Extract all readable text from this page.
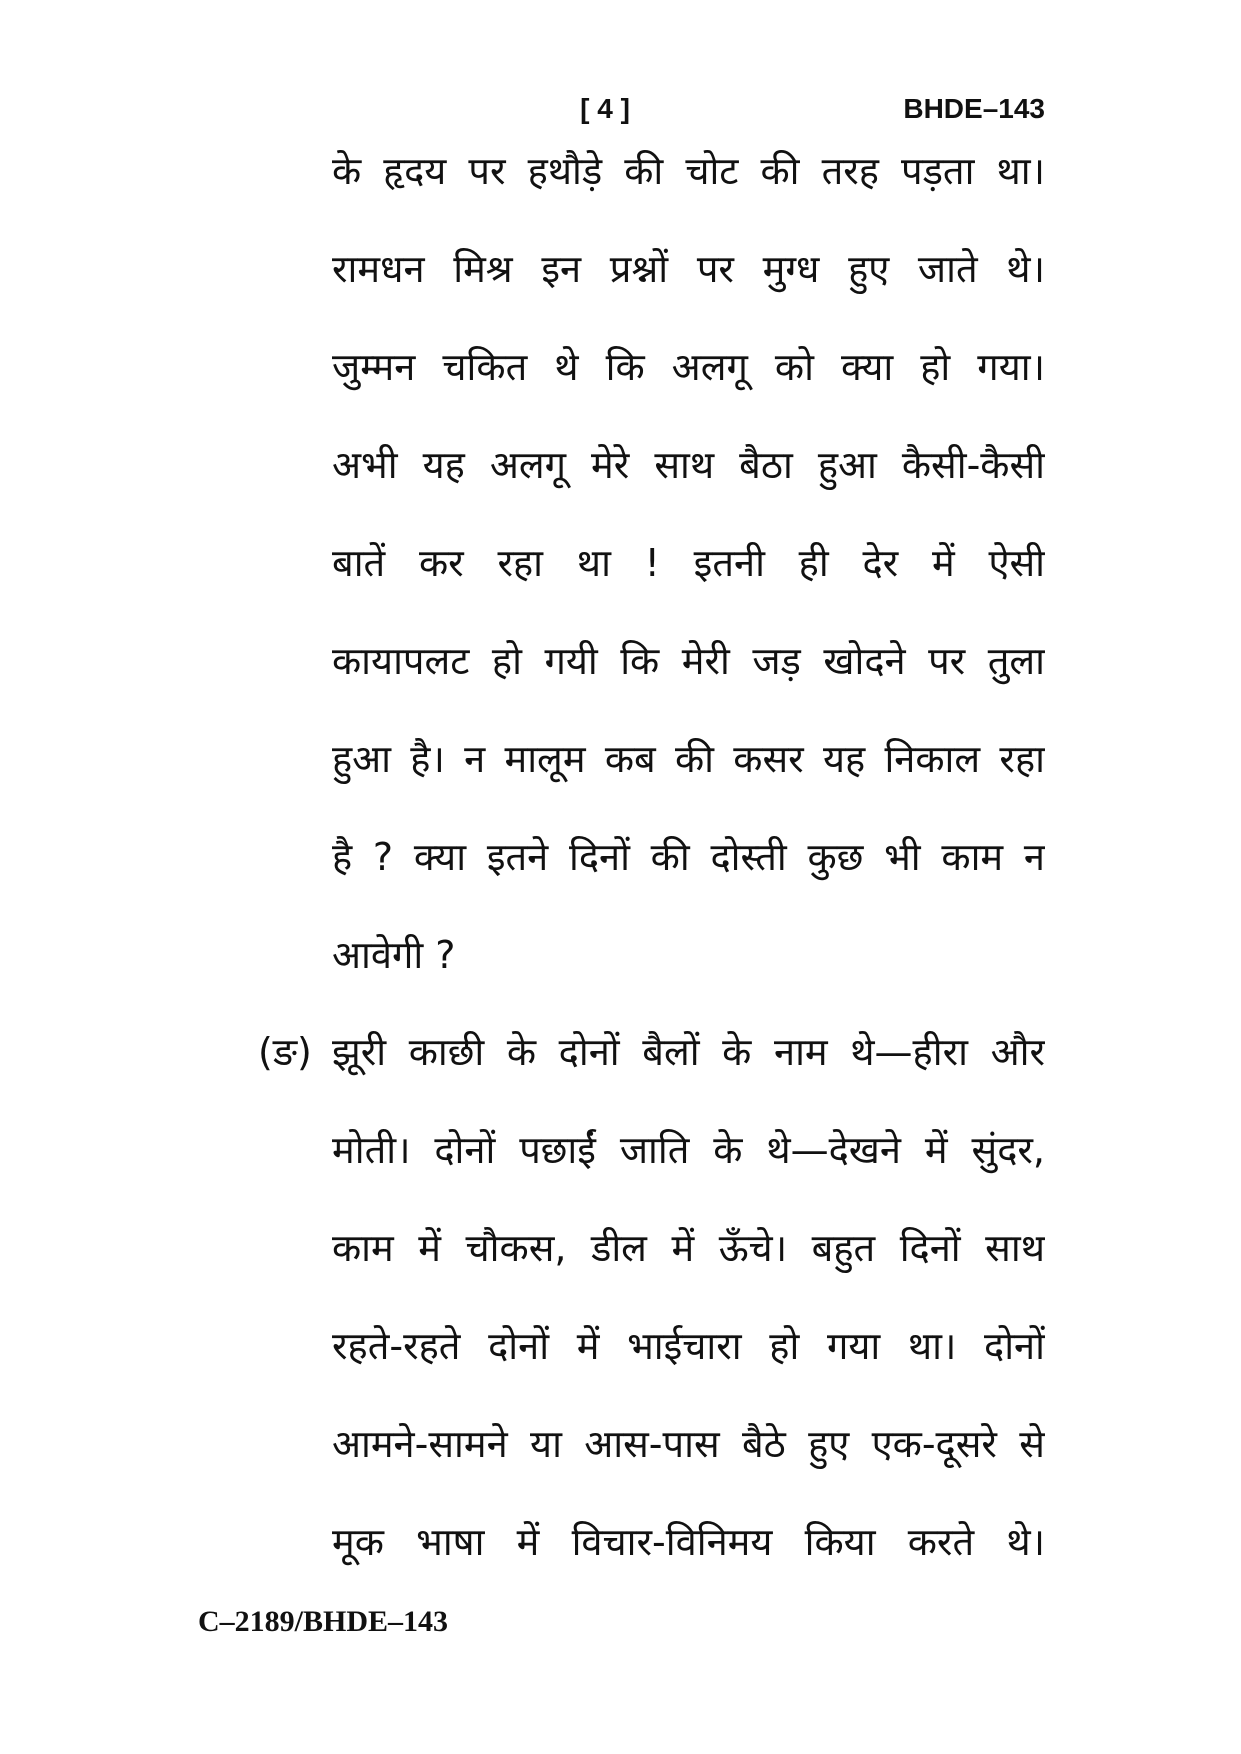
[ 4 ]	BHDE–143
के हृदय पर हथौड़े की चोट की तरह पड़ता था।
रामधन मिश्र इन प्रश्नों पर मुग्ध हुए जाते थे।
जुम्मन चकित थे कि अलगू को क्या हो गया।
अभी यह अलगू मेरे साथ बैठा हुआ कैसी-कैसी
बातें कर रहा था ! इतनी ही देर में ऐसी
कायापलट हो गयी कि मेरी जड़ खोदने पर तुला
हुआ है। न मालूम कब की कसर यह निकाल रहा
है ? क्या इतने दिनों की दोस्ती कुछ भी काम न
आवेगी ?
(ङ) झूरी काछी के दोनों बैलों के नाम थे—हीरा और
मोती। दोनों पछाईं जाति के थे—देखने में सुंदर,
काम में चौकस, डील में ऊँचे। बहुत दिनों साथ
रहते-रहते दोनों में भाईचारा हो गया था। दोनों
आमने-सामने या आस-पास बैठे हुए एक-दूसरे से
मूक भाषा में विचार-विनिमय किया करते थे।
C–2189/BHDE–143
